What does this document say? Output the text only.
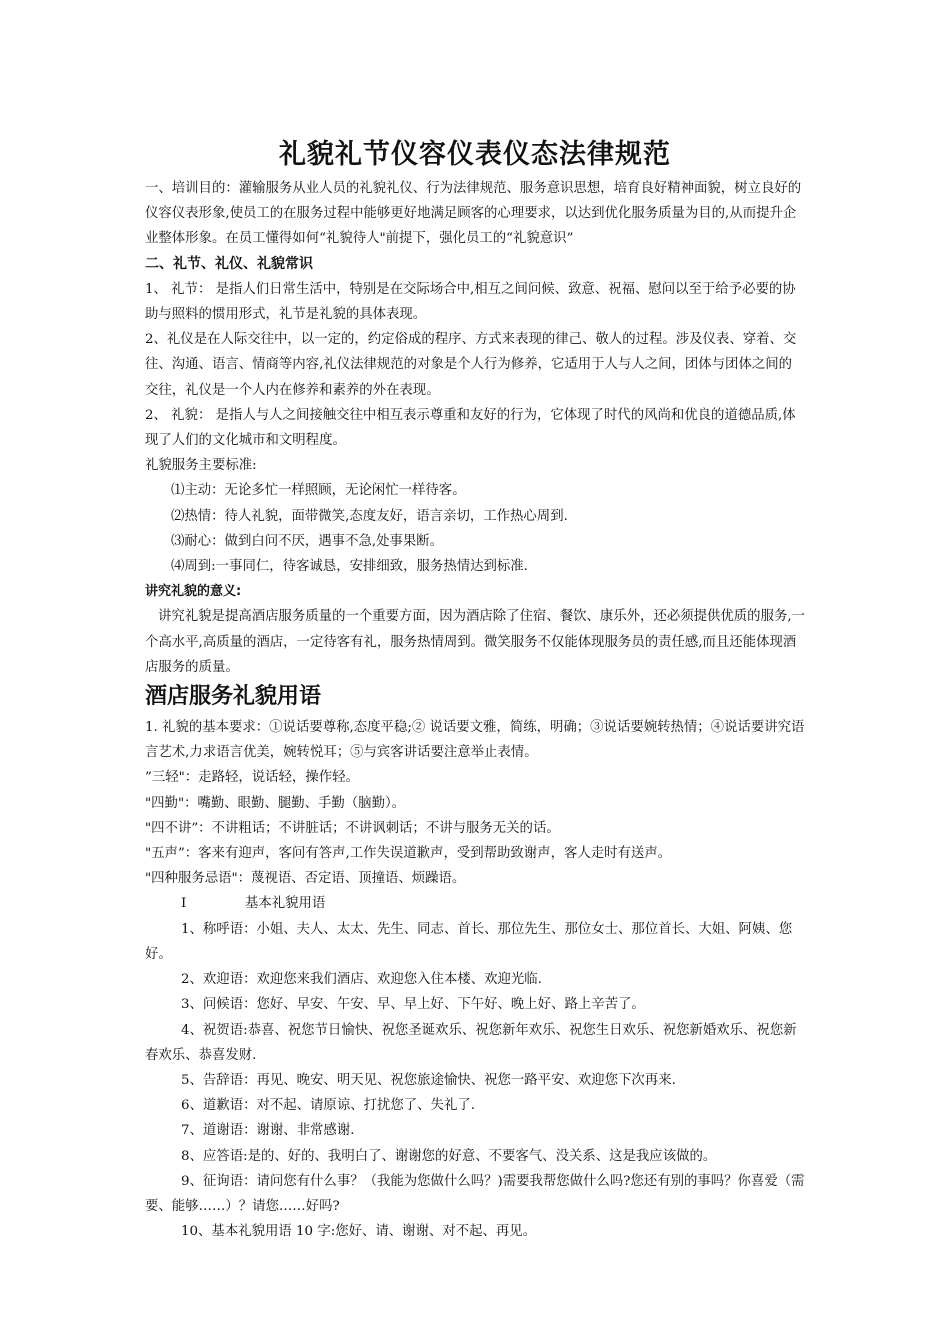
礼貌礼节仪容仪表仪态法律规范

一、培训目的：灌输服务从业人员的礼貌礼仪、行为法律规范、服务意识思想，培育良好精神面貌，树立良好的仪容仪表形象,使员工的在服务过程中能够更好地满足顾客的心理要求，以达到优化服务质量为目的,从而提升企业整体形象。在员工懂得如何“礼貌待人"前提下，强化员工的“礼貌意识”

二、礼节、礼仪、礼貌常识

1、 礼节： 是指人们日常生活中，特别是在交际场合中,相互之间问候、致意、祝福、慰问以至于给予必要的协助与照料的惯用形式，礼节是礼貌的具体表现。

2、礼仪是在人际交往中，以一定的，约定俗成的程序、方式来表现的律己、敬人的过程。涉及仪表、穿着、交往、沟通、语言、情商等内容,礼仪法律规范的对象是个人行为修养，它适用于人与人之间，团体与团体之间的交往，礼仪是一个人内在修养和素养的外在表现。

2、 礼貌： 是指人与人之间接触交往中相互表示尊重和友好的行为，它体现了时代的风尚和优良的道德品质,体现了人们的文化城市和文明程度。

礼貌服务主要标准:

⑴主动：无论多忙一样照顾，无论闲忙一样待客。

⑵热情：待人礼貌，面带微笑,态度友好，语言亲切，工作热心周到.

⑶耐心：做到白问不厌，遇事不急,处事果断。

⑷周到:一事同仁，待客诚恳，安排细致，服务热情达到标准.

讲究礼貌的意义:

讲究礼貌是提高酒店服务质量的一个重要方面，因为酒店除了住宿、餐饮、康乐外，还必须提供优质的服务,一个高水平,高质量的酒店，一定待客有礼，服务热情周到。微笑服务不仅能体现服务员的责任感,而且还能体现酒店服务的质量。

酒店服务礼貌用语

1. 礼貌的基本要求：①说话要尊称,态度平稳;② 说话要文雅，简练，明确；③说话要婉转热情；④说话要讲究语言艺术,力求语言优美，婉转悦耳；⑤与宾客讲话要注意举止表情。

”三轻"：走路轻，说话轻，操作轻。

"四勤"：嘴勤、眼勤、腿勤、手勤（脑勤）。

"四不讲”：不讲粗话；不讲脏话；不讲讽刺话；不讲与服务无关的话。

"五声”：客来有迎声，客问有答声,工作失误道歉声，受到帮助致谢声，客人走时有送声。

"四种服务忌语"：蔑视语、否定语、顶撞语、烦躁语。

I	基本礼貌用语

1、称呼语：小姐、夫人、太太、先生、同志、首长、那位先生、那位女士、那位首长、大姐、阿姨、您好。

2、欢迎语：欢迎您来我们酒店、欢迎您入住本楼、欢迎光临.

3、问候语：您好、早安、午安、早、早上好、下午好、晚上好、路上辛苦了。

4、祝贺语:恭喜、祝您节日愉快、祝您圣诞欢乐、祝您新年欢乐、祝您生日欢乐、祝您新婚欢乐、祝您新春欢乐、恭喜发财.

5、告辞语：再见、晚安、明天见、祝您旅途愉快、祝您一路平安、欢迎您下次再来.

6、道歉语：对不起、请原谅、打扰您了、失礼了.

7、道谢语：谢谢、非常感谢.

8、应答语:是的、好的、我明白了、谢谢您的好意、不要客气、没关系、这是我应该做的。

9、征询语：请问您有什么事？（我能为您做什么吗？)需要我帮您做什么吗?您还有别的事吗？你喜爱（需要、能够……）？请您……好吗?

10、基本礼貌用语 10 字:您好、请、谢谢、对不起、再见。
